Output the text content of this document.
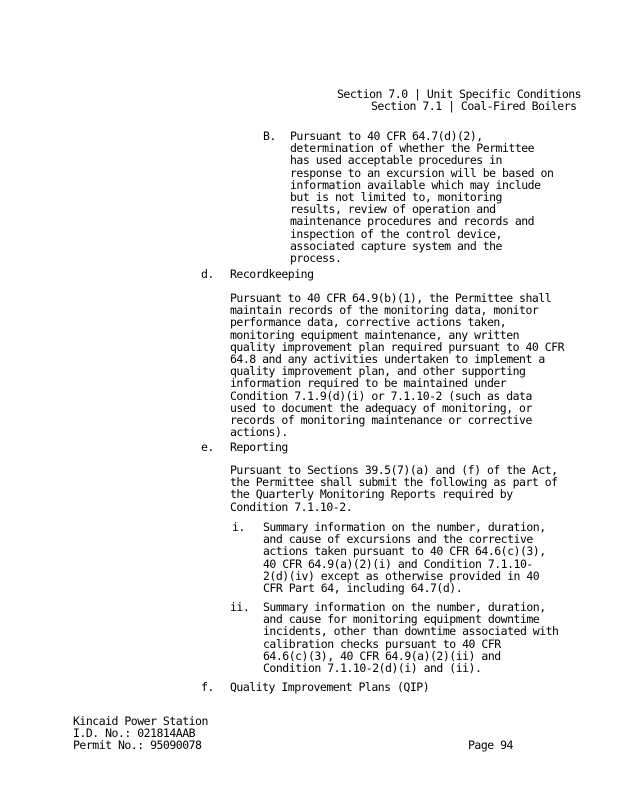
Section 7.0 | Unit Specific Conditions
Section 7.1 | Coal-Fired Boilers
B. Pursuant to 40 CFR 64.7(d)(2),
determination of whether the Permittee
has used acceptable procedures in
response to an excursion will be based on
information available which may include
but is not limited to, monitoring
results, review of operation and
maintenance procedures and records and
inspection of the control device,
associated capture system and the
process.
d. Recordkeeping
Pursuant to 40 CFR 64.9(b)(1), the Permittee shall
maintain records of the monitoring data, monitor
performance data, corrective actions taken,
monitoring equipment maintenance, any written
quality improvement plan required pursuant to 40 CFR
64.8 and any activities undertaken to implement a
quality improvement plan, and other supporting
information required to be maintained under
Condition 7.1.9(d)(i) or 7.1.10-2 (such as data
used to document the adequacy of monitoring, or
records of monitoring maintenance or corrective
actions).
e. Reporting
Pursuant to Sections 39.5(7)(a) and (f) of the Act,
the Permittee shall submit the following as part of
the Quarterly Monitoring Reports required by
Condition 7.1.10-2.
i. Summary information on the number, duration,
and cause of excursions and the corrective
actions taken pursuant to 40 CFR 64.6(c)(3),
40 CFR 64.9(a)(2)(i) and Condition 7.1.10-
2(d)(iv) except as otherwise provided in 40
CFR Part 64, including 64.7(d).
ii. Summary information on the number, duration,
and cause for monitoring equipment downtime
incidents, other than downtime associated with
calibration checks pursuant to 40 CFR
64.6(c)(3), 40 CFR 64.9(a)(2)(ii) and
Condition 7.1.10-2(d)(i) and (ii).
f. Quality Improvement Plans (QIP)
Kincaid Power Station
I.D. No.: 021814AAB
Permit No.: 95090078	Page 94
